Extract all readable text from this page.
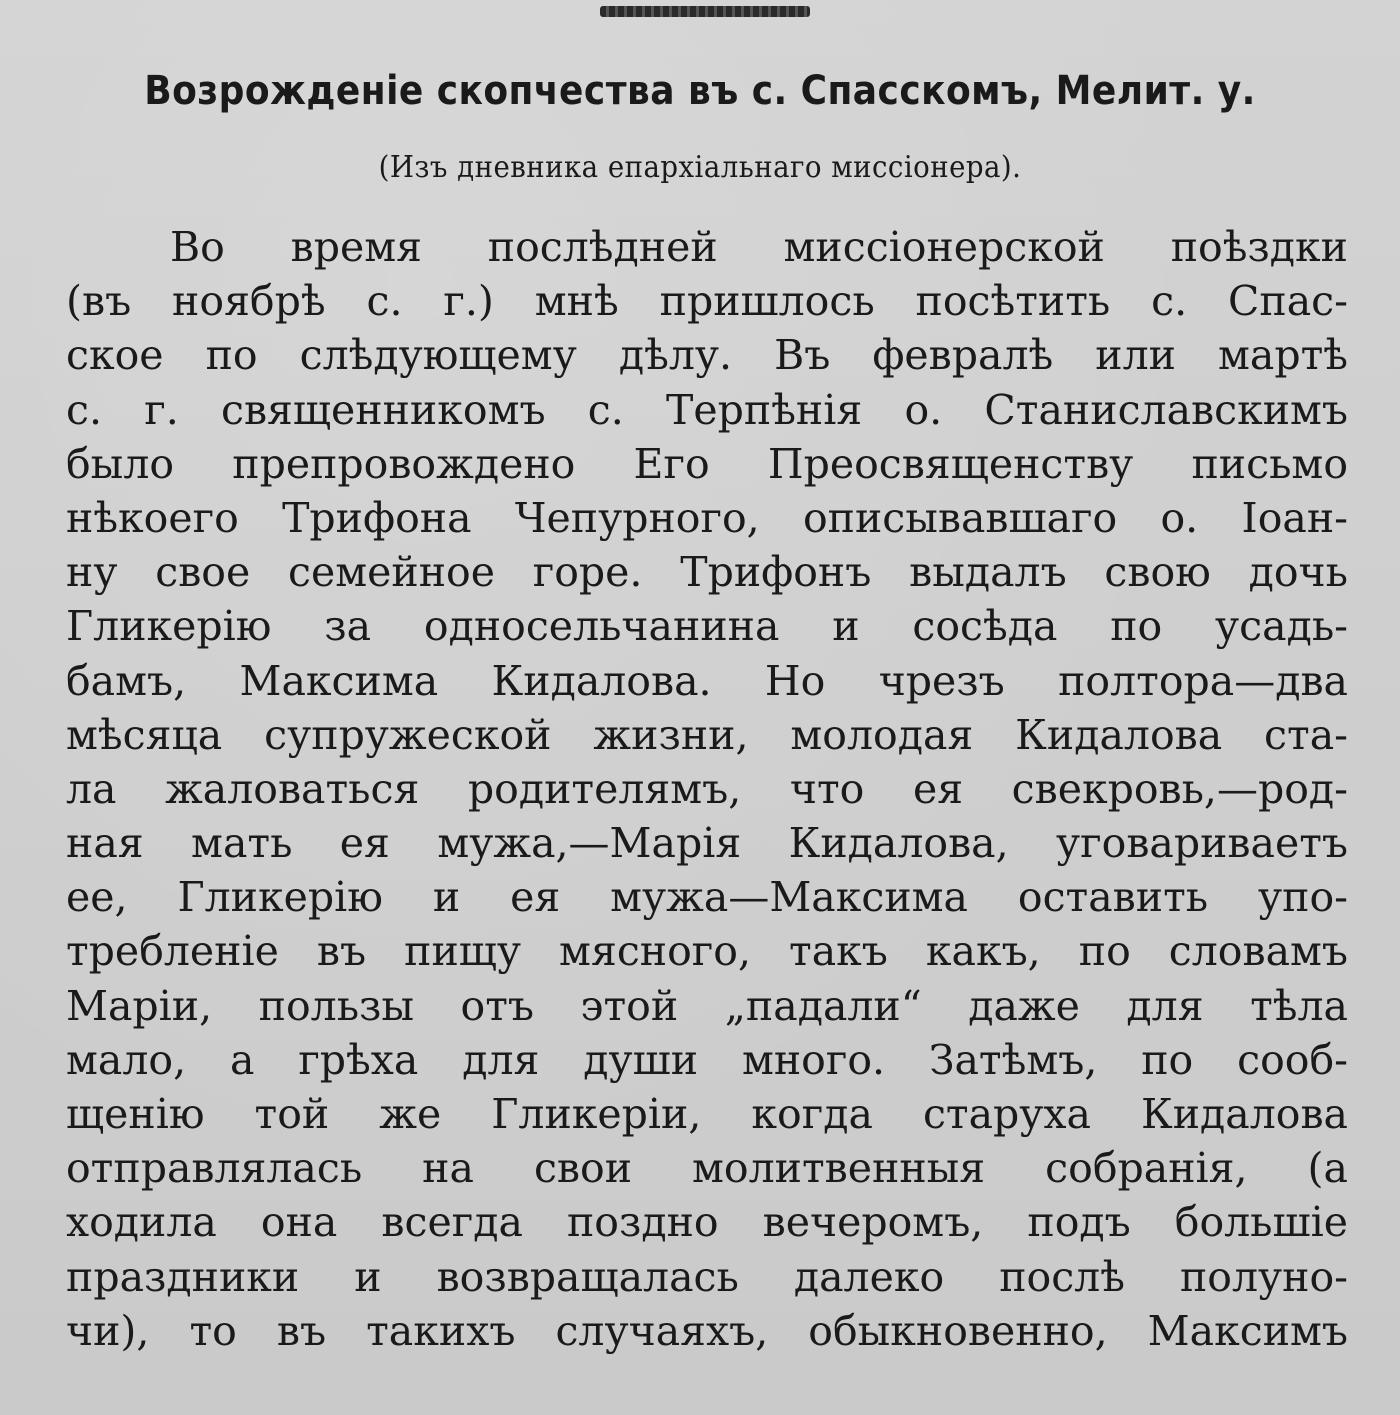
Возрожденіе скопчества въ с. Спасскомъ, Мелит. у.
(Изъ дневника епархіальнаго миссіонера).
Во время послѣдней миссіонерской поѣздки
(въ ноябрѣ с. г.) мнѣ пришлось посѣтить с. Спас-
ское по слѣдующему дѣлу. Въ февралѣ или мартѣ
с. г. священникомъ с. Терпѣнія о. Станиславскимъ
было препровождено Его Преосвященству письмо
нѣкоего Трифона Чепурного, описывавшаго о. Іоан-
ну свое семейное горе. Трифонъ выдалъ свою дочь
Гликерію за односельчанина и сосѣда по усадь-
бамъ, Максима Кидалова. Но чрезъ полтора—два
мѣсяца супружеской жизни, молодая Кидалова ста-
ла жаловаться родителямъ, что ея свекровь,—род-
ная мать ея мужа,—Марія Кидалова, уговариваетъ
ее, Гликерію и ея мужа—Максима оставить упо-
требленіе въ пищу мясного, такъ какъ, по словамъ
Маріи, пользы отъ этой „падали“ даже для тѣла
мало, а грѣха для души много. Затѣмъ, по сооб-
щенію той же Гликеріи, когда старуха Кидалова
отправлялась на свои молитвенныя собранія, (а
ходила она всегда поздно вечеромъ, подъ большіе
праздники и возвращалась далеко послѣ полуно-
чи), то въ такихъ случаяхъ, обыкновенно, Максимъ
